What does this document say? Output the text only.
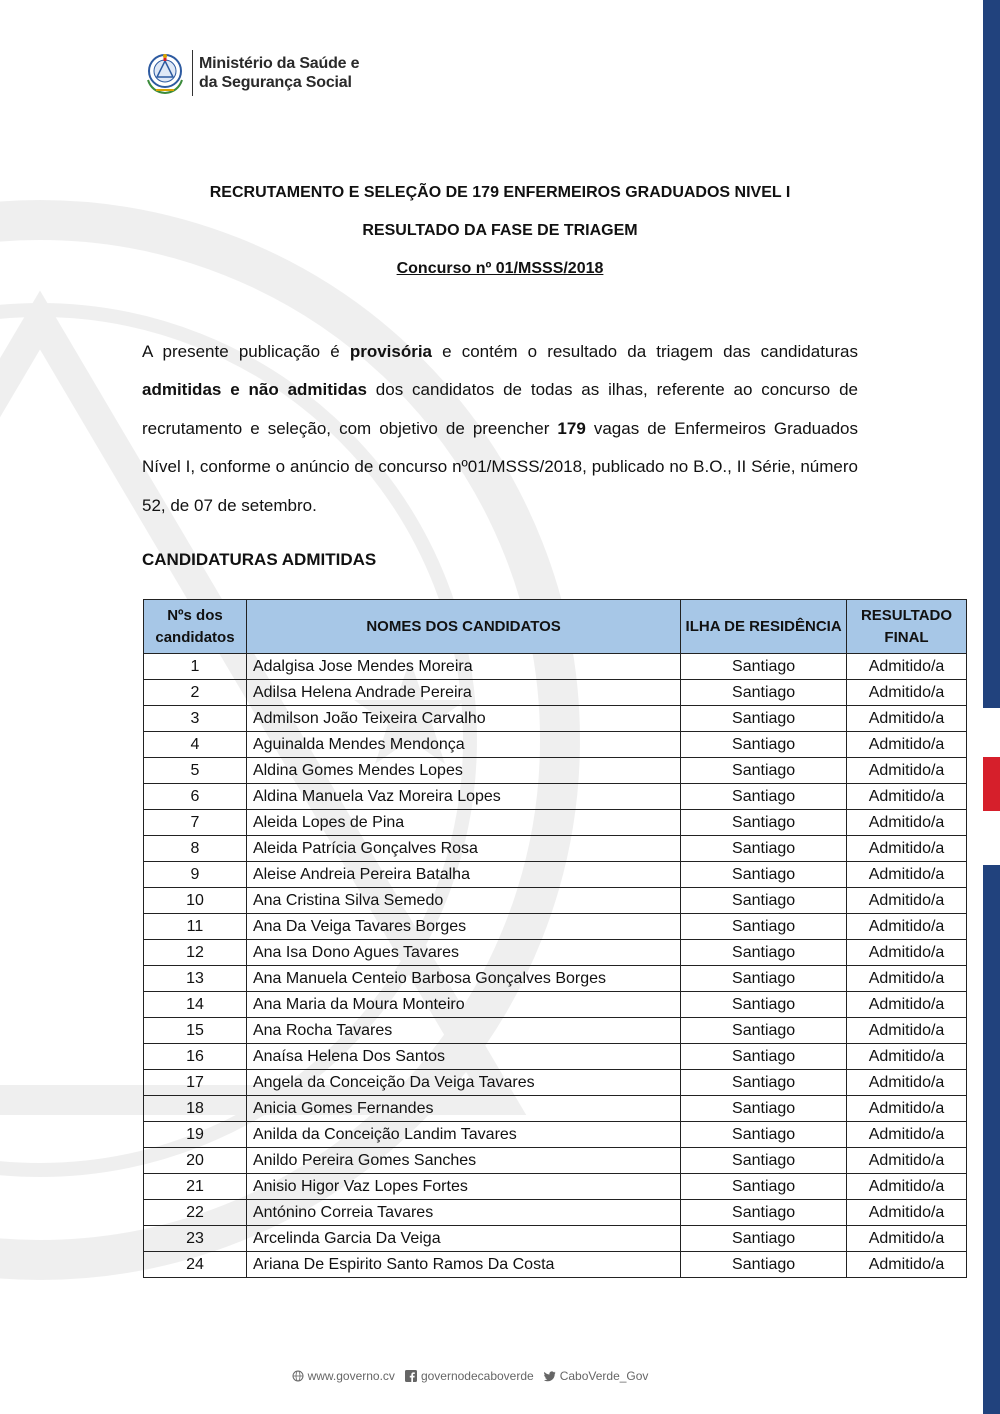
Ministério da Saúde e
da Segurança Social
RECRUTAMENTO E SELEÇÃO DE 179 ENFERMEIROS GRADUADOS NIVEL I
RESULTADO DA FASE DE TRIAGEM
Concurso nº 01/MSSS/2018

A presente publicação é provisória e contém o resultado da triagem das candidaturas admitidas e não admitidas dos candidatos de todas as ilhas, referente ao concurso de recrutamento e seleção, com objetivo de preencher 179 vagas de Enfermeiros Graduados Nível I, conforme o anúncio de concurso nº01/MSSS/2018, publicado no B.O., II Série, número 52, de 07 de setembro.

CANDIDATURAS ADMITIDAS
Nºs dos candidatos	NOMES DOS CANDIDATOS	ILHA DE RESIDÊNCIA	RESULTADO FINAL
1	Adalgisa Jose Mendes Moreira	Santiago	Admitido/a
2	Adilsa Helena Andrade Pereira	Santiago	Admitido/a
3	Admilson João Teixeira Carvalho	Santiago	Admitido/a
4	Aguinalda Mendes Mendonça	Santiago	Admitido/a
5	Aldina Gomes Mendes Lopes	Santiago	Admitido/a
6	Aldina Manuela Vaz Moreira Lopes	Santiago	Admitido/a
7	Aleida Lopes de Pina	Santiago	Admitido/a
8	Aleida Patrícia Gonçalves Rosa	Santiago	Admitido/a
9	Aleise Andreia Pereira Batalha	Santiago	Admitido/a
10	Ana Cristina Silva Semedo	Santiago	Admitido/a
11	Ana Da Veiga Tavares Borges	Santiago	Admitido/a
12	Ana Isa Dono Agues Tavares	Santiago	Admitido/a
13	Ana Manuela Centeio Barbosa Gonçalves Borges	Santiago	Admitido/a
14	Ana Maria da Moura Monteiro	Santiago	Admitido/a
15	Ana Rocha Tavares	Santiago	Admitido/a
16	Anaísa Helena Dos Santos	Santiago	Admitido/a
17	Angela da Conceição Da Veiga Tavares	Santiago	Admitido/a
18	Anicia Gomes Fernandes	Santiago	Admitido/a
19	Anilda da Conceição Landim Tavares	Santiago	Admitido/a
20	Anildo Pereira Gomes Sanches	Santiago	Admitido/a
21	Anisio Higor Vaz Lopes Fortes	Santiago	Admitido/a
22	Antónino Correia Tavares	Santiago	Admitido/a
23	Arcelinda Garcia Da Veiga	Santiago	Admitido/a
24	Ariana De Espirito Santo Ramos Da Costa	Santiago	Admitido/a
www.governo.cv governodecaboverde CaboVerde_Gov
